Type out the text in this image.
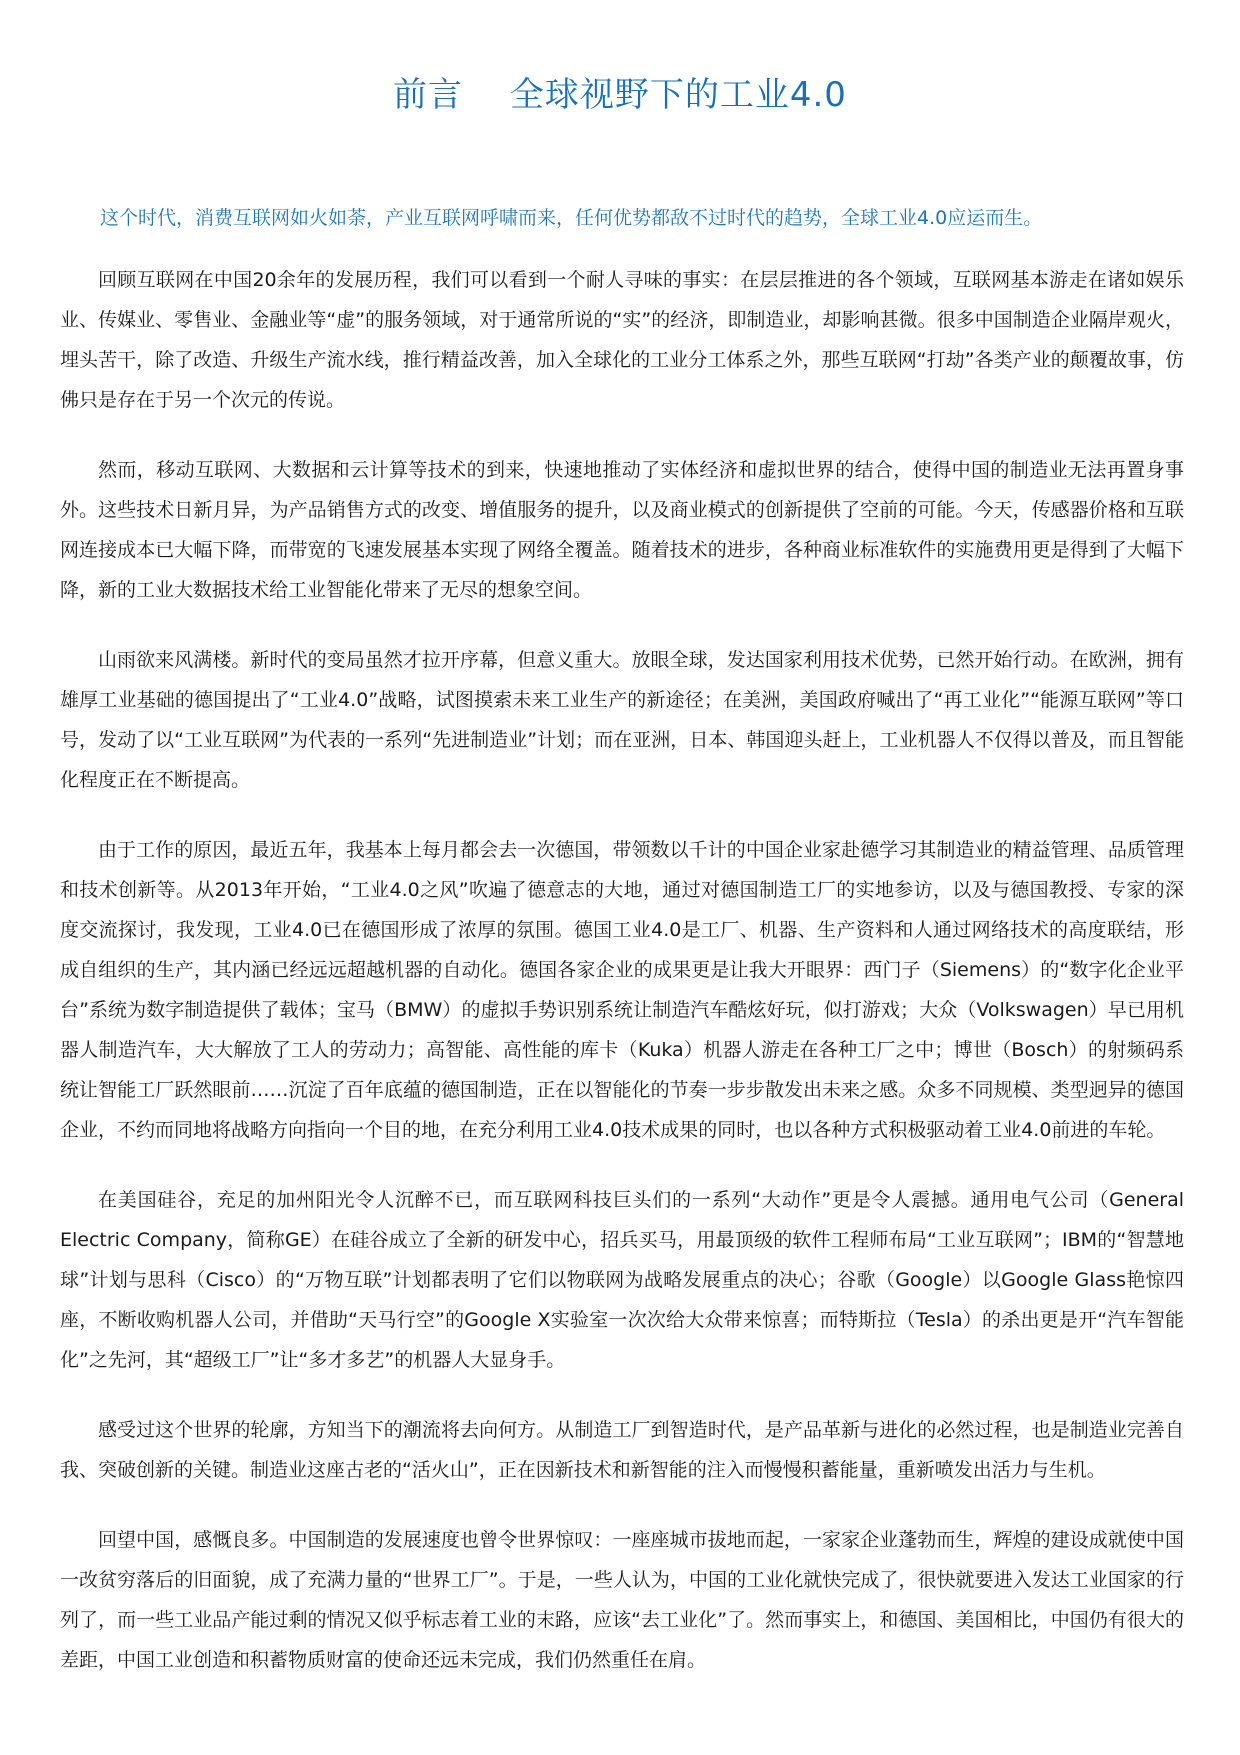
前言　 全球视野下的工业4.0

这个时代，消费互联网如火如荼，产业互联网呼啸而来，任何优势都敌不过时代的趋势，全球工业4.0应运而生。

回顾互联网在中国20余年的发展历程，我们可以看到一个耐人寻味的事实：在层层推进的各个领域，互联网基本游走在诸如娱乐业、传媒业、零售业、金融业等“虚”的服务领域，对于通常所说的“实”的经济，即制造业，却影响甚微。很多中国制造企业隔岸观火，埋头苦干，除了改造、升级生产流水线，推行精益改善，加入全球化的工业分工体系之外，那些互联网“打劫”各类产业的颠覆故事，仿佛只是存在于另一个次元的传说。

然而，移动互联网、大数据和云计算等技术的到来，快速地推动了实体经济和虚拟世界的结合，使得中国的制造业无法再置身事外。这些技术日新月异，为产品销售方式的改变、增值服务的提升，以及商业模式的创新提供了空前的可能。今天，传感器价格和互联网连接成本已大幅下降，而带宽的飞速发展基本实现了网络全覆盖。随着技术的进步，各种商业标准软件的实施费用更是得到了大幅下降，新的工业大数据技术给工业智能化带来了无尽的想象空间。

山雨欲来风满楼。新时代的变局虽然才拉开序幕，但意义重大。放眼全球，发达国家利用技术优势，已然开始行动。在欧洲，拥有雄厚工业基础的德国提出了“工业4.0”战略，试图摸索未来工业生产的新途径；在美洲，美国政府喊出了“再工业化”“能源互联网”等口号，发动了以“工业互联网”为代表的一系列“先进制造业”计划；而在亚洲，日本、韩国迎头赶上，工业机器人不仅得以普及，而且智能化程度正在不断提高。

由于工作的原因，最近五年，我基本上每月都会去一次德国，带领数以千计的中国企业家赴德学习其制造业的精益管理、品质管理和技术创新等。从2013年开始，“工业4.0之风”吹遍了德意志的大地，通过对德国制造工厂的实地参访，以及与德国教授、专家的深度交流探讨，我发现，工业4.0已在德国形成了浓厚的氛围。德国工业4.0是工厂、机器、生产资料和人通过网络技术的高度联结，形成自组织的生产，其内涵已经远远超越机器的自动化。德国各家企业的成果更是让我大开眼界：西门子（Siemens）的“数字化企业平台”系统为数字制造提供了载体；宝马（BMW）的虚拟手势识别系统让制造汽车酷炫好玩，似打游戏；大众（Volkswagen）早已用机器人制造汽车，大大解放了工人的劳动力；高智能、高性能的库卡（Kuka）机器人游走在各种工厂之中；博世（Bosch）的射频码系统让智能工厂跃然眼前……沉淀了百年底蕴的德国制造，正在以智能化的节奏一步步散发出未来之感。众多不同规模、类型迥异的德国企业，不约而同地将战略方向指向一个目的地，在充分利用工业4.0技术成果的同时，也以各种方式积极驱动着工业4.0前进的车轮。

在美国硅谷，充足的加州阳光令人沉醉不已，而互联网科技巨头们的一系列“大动作”更是令人震撼。通用电气公司（General Electric Company，简称GE）在硅谷成立了全新的研发中心，招兵买马，用最顶级的软件工程师布局“工业互联网”；IBM的“智慧地球”计划与思科（Cisco）的“万物互联”计划都表明了它们以物联网为战略发展重点的决心；谷歌（Google）以Google Glass艳惊四座，不断收购机器人公司，并借助“天马行空”的Google X实验室一次次给大众带来惊喜；而特斯拉（Tesla）的杀出更是开“汽车智能化”之先河，其“超级工厂”让“多才多艺”的机器人大显身手。

感受过这个世界的轮廓，方知当下的潮流将去向何方。从制造工厂到智造时代，是产品革新与进化的必然过程，也是制造业完善自我、突破创新的关键。制造业这座古老的“活火山”，正在因新技术和新智能的注入而慢慢积蓄能量，重新喷发出活力与生机。

回望中国，感慨良多。中国制造的发展速度也曾令世界惊叹：一座座城市拔地而起，一家家企业蓬勃而生，辉煌的建设成就使中国一改贫穷落后的旧面貌，成了充满力量的“世界工厂”。于是，一些人认为，中国的工业化就快完成了，很快就要进入发达工业国家的行列了，而一些工业品产能过剩的情况又似乎标志着工业的末路，应该“去工业化”了。然而事实上，和德国、美国相比，中国仍有很大的差距，中国工业创造和积蓄物质财富的使命还远未完成，我们仍然重任在肩。
